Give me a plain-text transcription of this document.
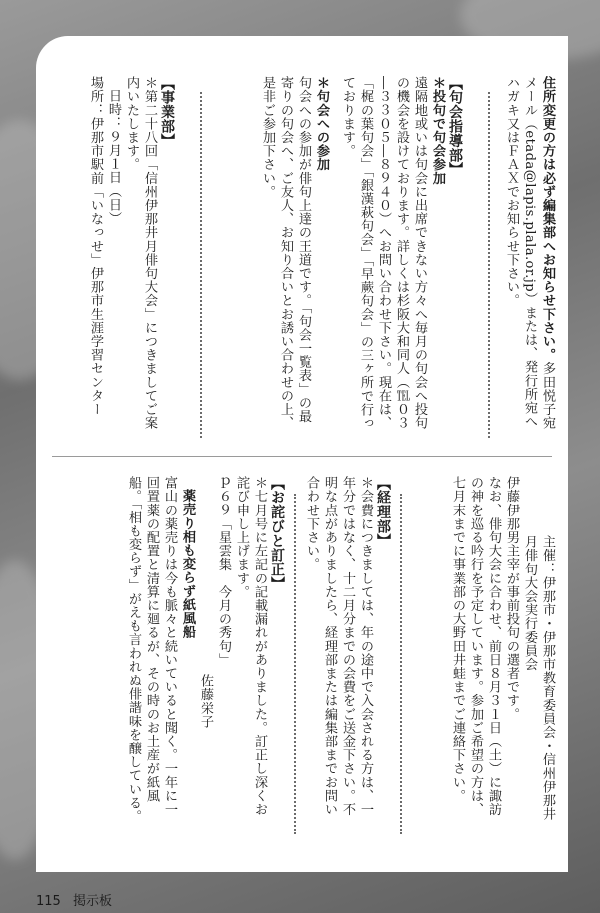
住所変更の方は必ず編集部へお知らせ下さい。多田悦子宛メール（etada@lapis.plala.or.jp）または、発行所宛へハガキ又はＦＡＸでお知らせ下さい。

【句会指導部】

＊投句で句会参加

遠隔地或いは句会に出席できない方々へ毎月の句会へ投句の機会を設けております。詳しくは杉阪大和同人（℡０３―３３０５―８９４０）へお問い合わせ下さい。現在は、「梶の葉句会」「銀漢萩句会」「早蕨句会」の三ヶ所で行っております。

＊句会への参加

句会への参加が俳句上達の王道です。「句会一覧表」の最寄りの句会へ、ご友人、お知り合いとお誘い合わせの上、是非ご参加下さい。

【事業部】

＊第二十八回「信州伊那井月俳句大会」につきましてご案内いたします。

日時：９月１日（日）

場所：伊那市駅前「いなっせ」伊那市生涯学習センター

主催：伊那市・伊那市教育委員会・信州伊那井月俳句大会実行委員会

伊藤伊那男主宰が事前投句の選者です。

なお、俳句大会に合わせ、前日８月３１日（土）に諏訪の神を巡る吟行を予定しています。参加ご希望の方は、七月末までに事業部の大野田井蛙までご連絡下さい。

【経理部】

＊会費につきましては、年の途中で入会される方は、一年分ではなく、十二月分までの会費をご送金下さい。不明な点がありましたら、経理部または編集部までお問い合わせ下さい。

【お詫びと訂正】

＊七月号に左記の記載漏れがありました。訂正し深くお詫び申し上げます。

ｐ６９「星雲集　今月の秀句」

佐藤栄子

薬売り相も変らず紙風船

富山の薬売りは今も脈々と続いていると聞く。一年に一回置薬の配置と清算に廻るが、その時のお土産が紙風船。「相も変らず」がえも言われぬ俳諧味を醸している。

115 掲示板
